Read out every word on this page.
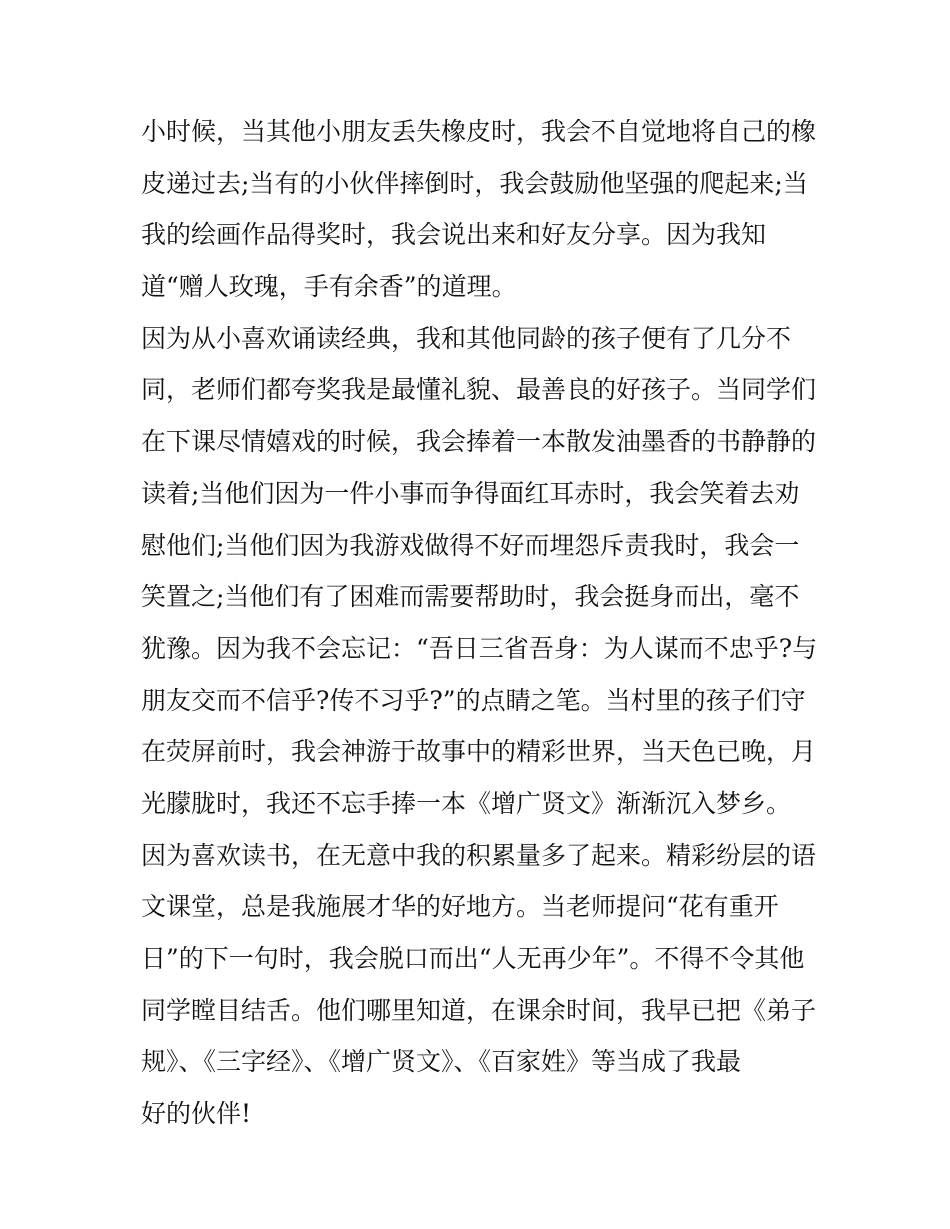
小时候，当其他小朋友丢失橡皮时，我会不自觉地将自己的橡
皮递过去;当有的小伙伴摔倒时，我会鼓励他坚强的爬起来;当
我的绘画作品得奖时，我会说出来和好友分享。因为我知
道“赠人玫瑰，手有余香”的道理。
因为从小喜欢诵读经典，我和其他同龄的孩子便有了几分不
同，老师们都夸奖我是最懂礼貌、最善良的好孩子。当同学们
在下课尽情嬉戏的时候，我会捧着一本散发油墨香的书静静的
读着;当他们因为一件小事而争得面红耳赤时，我会笑着去劝
慰他们;当他们因为我游戏做得不好而埋怨斥责我时，我会一
笑置之;当他们有了困难而需要帮助时，我会挺身而出，毫不
犹豫。因为我不会忘记：“吾日三省吾身：为人谋而不忠乎?与
朋友交而不信乎?传不习乎?”的点睛之笔。当村里的孩子们守
在荧屏前时，我会神游于故事中的精彩世界，当天色已晚，月
光朦胧时，我还不忘手捧一本《增广贤文》渐渐沉入梦乡。
因为喜欢读书，在无意中我的积累量多了起来。精彩纷层的语
文课堂，总是我施展才华的好地方。当老师提问“花有重开
日”的下一句时，我会脱口而出“人无再少年”。不得不令其他
同学瞠目结舌。他们哪里知道，在课余时间，我早已把《弟子
规》、《三字经》、《增广贤文》、《百家姓》等当成了我最
好的伙伴!
